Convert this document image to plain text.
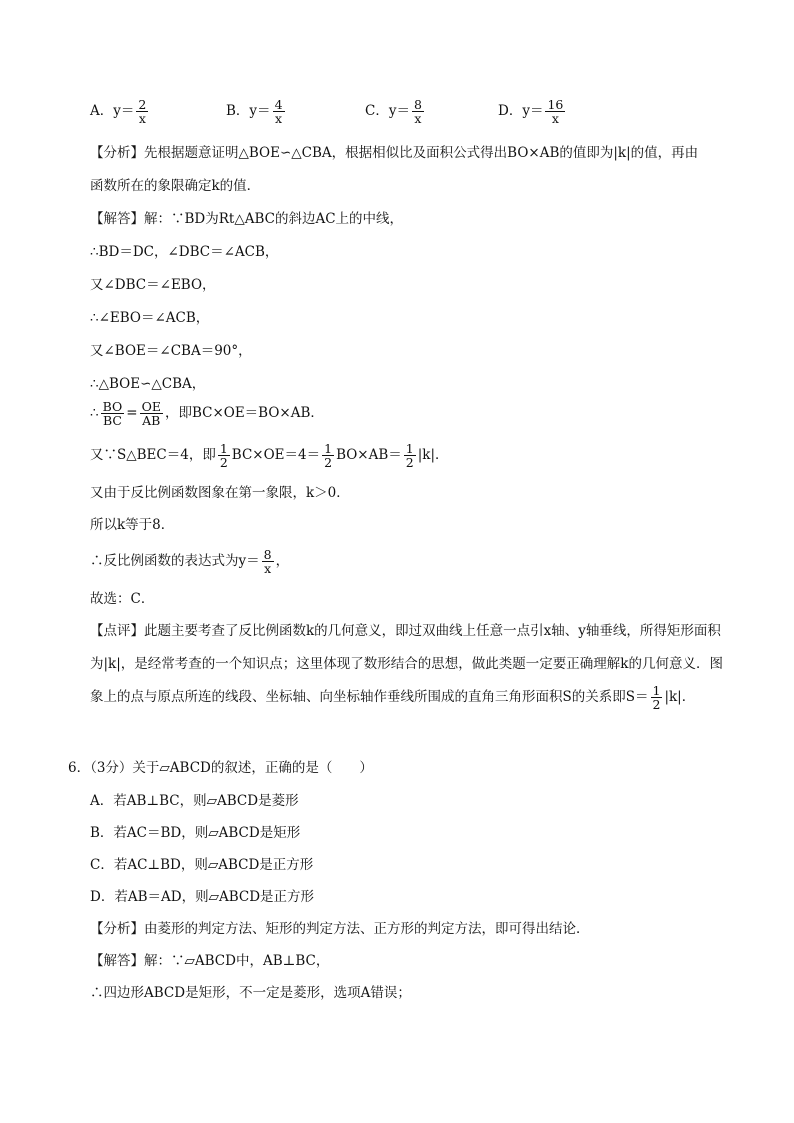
A．$y= \frac{2}{x}$	B．$y= \frac{4}{x}$	C．$y= \frac{8}{x}$	D．$y= \frac{16}{x}$
【分析】先根据题意证明△BOE∽△CBA，根据相似比及面积公式得出BO×AB的值即为|k|的值，再由
函数所在的象限确定k的值．
【解答】解：∵BD为Rt△ABC的斜边AC上的中线，
∴BD＝DC，∠DBC＝∠ACB，
又∠DBC＝∠EBO，
∴∠EBO＝∠ACB，
又∠BOE＝∠CBA＝90°，
∴△BOE∽△CBA，
∴ $\frac{BO}{BC} = \frac{OE}{AB}$ ，即BC×OE＝BO×AB．
又∵S△BEC＝4，即 $\frac{1}{2} BC\times OE=4= \frac{1}{2} BO\times AB= \frac{1}{2} |k|$．
又由于反比例函数图象在第一象限，k＞0．
所以k等于8．
∴反比例函数的表达式为$y= \frac{8}{x}$ ，
故选：C．
【点评】此题主要考查了反比例函数k的几何意义，即过双曲线上任意一点引x轴、y轴垂线，所得矩形面积为|k|，是经常考查的一个知识点；这里体现了数形结合的思想，做此类题一定要正确理解k的几何意义．图象上的点与原点所连的线段、坐标轴、向坐标轴作垂线所围成的直角三角形面积S的关系即$S= \frac{1}{2} |k|$．
6．（3分）关于▱ABCD的叙述，正确的是（　　）
A．若AB⊥BC，则▱ABCD是菱形
B．若AC＝BD，则▱ABCD是矩形
C．若AC⊥BD，则▱ABCD是正方形
D．若AB＝AD，则▱ABCD是正方形
【分析】由菱形的判定方法、矩形的判定方法、正方形的判定方法，即可得出结论．
【解答】解：∵▱ABCD中，AB⊥BC，
∴四边形ABCD是矩形，不一定是菱形，选项A错误；
